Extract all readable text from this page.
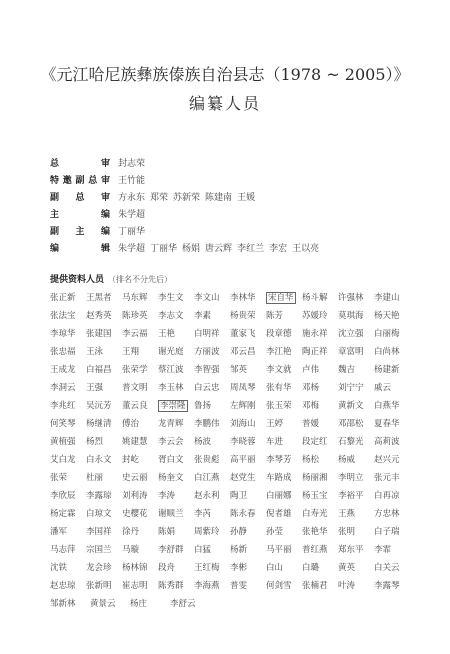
《元江哈尼族彝族傣族自治县志（1978 ~ 2005）》
编纂人员
总	审 封志荣
特 邀 副 总 审 王竹能
副 总 审 方永东 郑荣 苏新荣 陈建南 王媛
主	编 朱学超
副 主 编 丁丽华
编	辑 朱学超 丁丽华 杨娟 唐云辉 李红兰 李宏 王以亮
提供资料人员 （排名不分先后）
张正新	王黑者	马东辉	李生文	李文山	李林华	宋自华 杨斗解	许强林	李建山
张法宝	赵秀英	陈珍英	李志文	李素	杨贵荣	陈芳	苏媛玲	莫琪海	杨天艳
李琼华	张建国	李云福	王艳	白明祥	董家飞	段章德	施永祥	沈立强	白丽梅
张忠福	王泳	王翔	谢光庭	方丽波	邓云昌	李江艳	陶正祥	章富明	白尚林
王成龙	白福昌	张荣学	蔡江波	李智强	邹英	李文就	卢伟	魏吉	杨建新
李洞云	王强	普文明	李玉林	白云忠	周凤琴	张有华	邓杨	刘宁宁	戚云
李兆红	吴沅芳	董云良	李崇隆 鲁扬	左辉刚	张玉荣	邓梅	黄新文	白燕华
何笑琴	杨继清	傅治	龙青辉	李鹏伟	刘海山	王婷	普媛	邓邵松	夏春华
黄植强	杨烈	姚建慧	李云会	杨波	李晓蓉	车进	段定红	石黎光	高莉波
艾白龙	白永文	封屹	胥白文	张贵彪	高平丽	李琴芳	杨松	杨威	赵兴元
张荣	杜丽	史云丽	杨奎文	白江燕	赵党生	车路成	杨丽湘	李明立	张元丰
李欣辰	李露琼	刘利涛	李涛	赵永利	陶卫	白丽娜	杨玉宝	李裕平	白再凉
杨定霖	白琼文	史樱花	谢顺兰	李芮	陈永春	倪者雄	白寿光	王燕	方忠林
潘军	李国祥	徐丹	陈娟	周紫玲	孙静	孙莹	张艳华	张明	白子瑞
马志萍	宗国兰	马璇	李舒群	白猛	杨新	马平丽	普红燕	郑东平	李霏
沈铁	龙会珍	杨林锦	段舟	王红梅	李彬	白山	白璐	黄英	白关云
赵忠琼	张新明	崔志明	陈秀群	李海燕	普雯	何剑雪	张楠君	叶涛	李露琴
邹新林	黄景云	杨庄	李舒云
